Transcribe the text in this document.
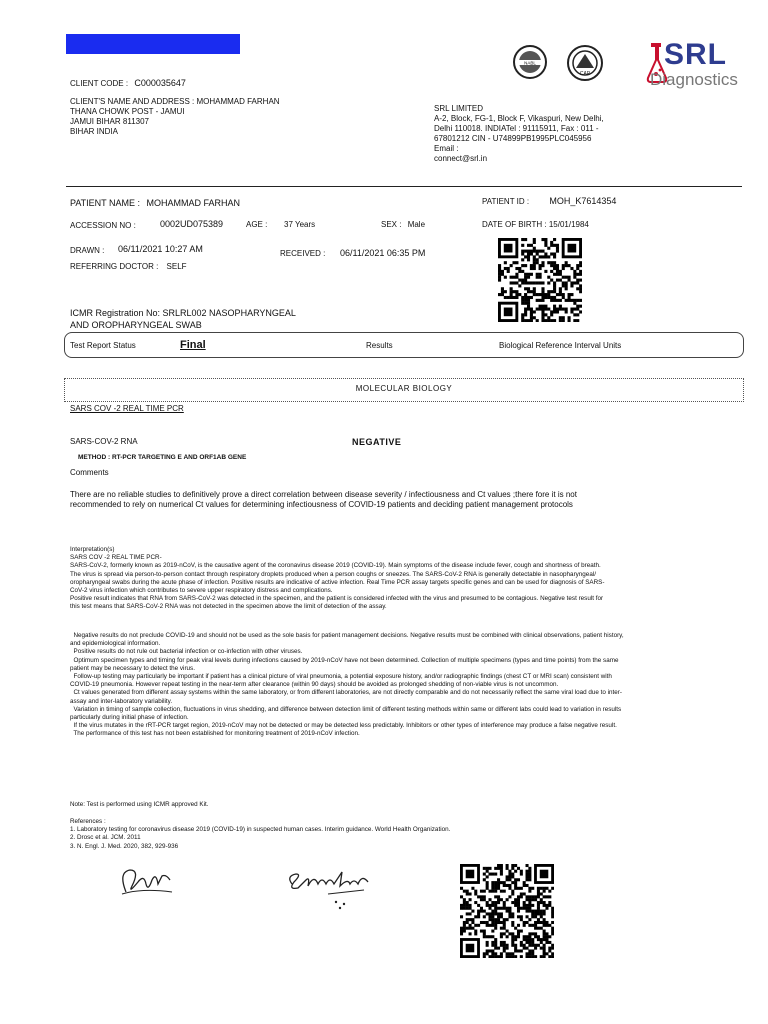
CLIENT CODE : C000035647
CLIENT'S NAME AND ADDRESS : MOHAMMAD FARHAN
THANA CHOWK POST - JAMUI
JAMUI BIHAR 811307
BIHAR INDIA
SRL LIMITED
A-2, Block, FG-1, Block F, Vikaspuri, New Delhi,
Delhi 110018. INDIATel : 91115911, Fax : 011 -
67801212 CIN - U74899PB1995PLC045956
Email :
connect@srl.in
NABL
CAP
SRL
Diagnostics
PATIENT NAME : MOHAMMAD FARHAN	PATIENT ID : MOH_K7614354
ACCESSION NO :	0002UD075389	AGE : 37 Years	SEX : Male	DATE OF BIRTH : 15/01/1984
DRAWN : 06/11/2021 10:27 AM	RECEIVED : 06/11/2021 06:35 PM
REFERRING DOCTOR : SELF
ICMR Registration No: SRLRL002 NASOPHARYNGEAL
AND OROPHARYNGEAL SWAB
Test Report Status	Final	Results	Biological Reference Interval Units
MOLECULAR BIOLOGY
SARS COV -2 REAL TIME PCR
SARS-COV-2 RNA	NEGATIVE
METHOD : RT-PCR TARGETING E AND ORF1AB GENE
Comments
There are no reliable studies to definitively prove a direct correlation between disease severity / infectiousness and Ct values ;there fore it is not
recommended to rely on numerical Ct values for determining infectiousness of COVID-19 patients and deciding patient management protocols
Interpretation(s)
SARS COV -2 REAL TIME PCR-
SARS-CoV-2, formerly known as 2019-nCoV, is the causative agent of the coronavirus disease 2019 (COVID-19). Main symptoms of the disease include fever, cough and shortness of breath.
The virus is spread via person-to-person contact through respiratory droplets produced when a person coughs or sneezes. The SARS-CoV-2 RNA is generally detectable in nasopharyngeal/
oropharyngeal swabs during the acute phase of infection. Positive results are indicative of active infection. Real Time PCR assay targets specific genes and can be used for diagnosis of SARS-
CoV-2 virus infection which contributes to severe upper respiratory distress and complications.
Positive result indicates that RNA from SARS-CoV-2 was detected in the specimen, and the patient is considered infected with the virus and presumed to be contagious. Negative test result for
this test means that SARS-CoV-2 RNA was not detected in the specimen above the limit of detection of the assay.
Negative results do not preclude COVID-19 and should not be used as the sole basis for patient management decisions. Negative results must be combined with clinical observations, patient history,
and epidemiological information.
Positive results do not rule out bacterial infection or co-infection with other viruses.
Optimum specimen types and timing for peak viral levels during infections caused by 2019-nCoV have not been determined. Collection of multiple specimens (types and time points) from the same
patient may be necessary to detect the virus.
Follow-up testing may particularly be important if patient has a clinical picture of viral pneumonia, a potential exposure history, and/or radiographic findings (chest CT or MRI scan) consistent with
COVID-19 pneumonia. However repeat testing in the near-term after clearance (within 90 days) should be avoided as prolonged shedding of non-viable virus is not uncommon.
Ct values generated from different assay systems within the same laboratory, or from different laboratories, are not directly comparable and do not necessarily reflect the same viral load due to inter-
assay and inter-laboratory variability.
Variation in timing of sample collection, fluctuations in virus shedding, and difference between detection limit of different testing methods within same or different labs could lead to variation in results
particularly during initial phase of infection.
If the virus mutates in the rRT-PCR target region, 2019-nCoV may not be detected or may be detected less predictably. Inhibitors or other types of interference may produce a false negative result.
The performance of this test has not been established for monitoring treatment of 2019-nCoV infection.
Note: Test is performed using ICMR approved Kit.
References :
1. Laboratory testing for coronavirus disease 2019 (COVID-19) in suspected human cases. Interim guidance. World Health Organization.
2. Drosc et al. JCM. 2011
3. N. Engl. J. Med. 2020, 382, 929-936
